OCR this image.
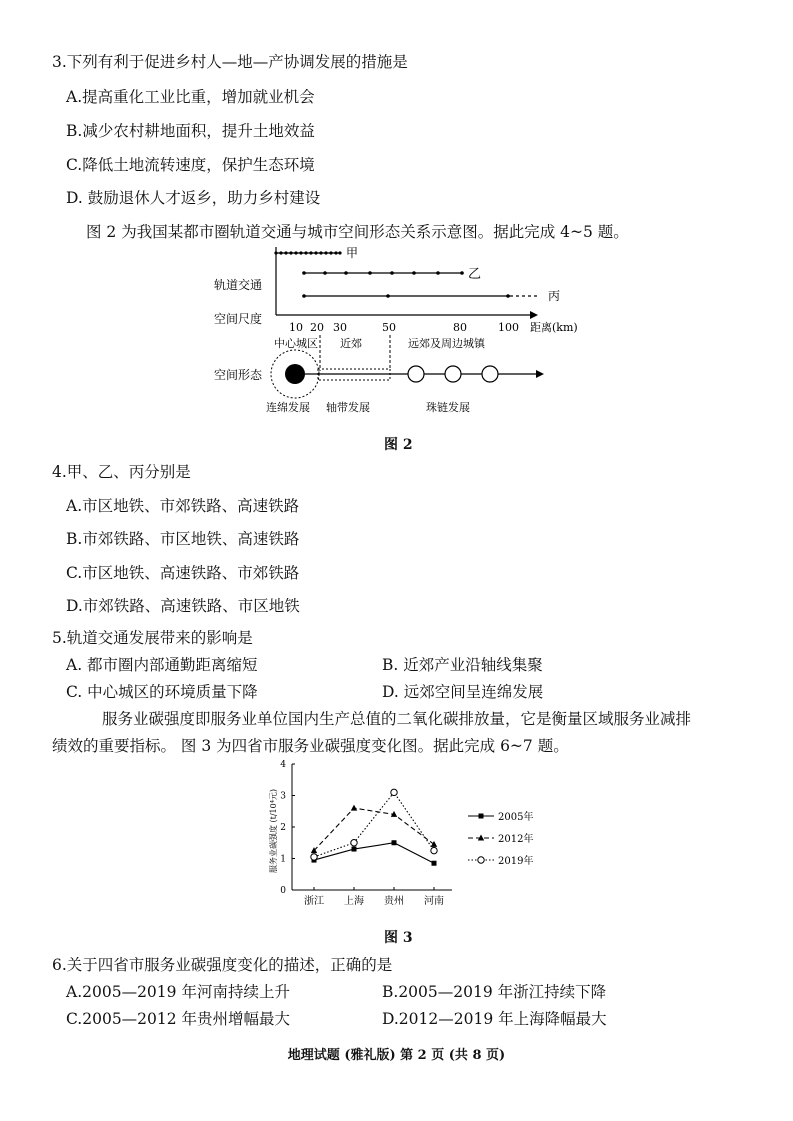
3.下列有利于促进乡村人—地—产协调发展的措施是
A.提高重化工业比重，增加就业机会
B.减少农村耕地面积，提升土地效益
C.降低土地流转速度，保护生态环境
D. 鼓励退休人才返乡，助力乡村建设
图 2 为我国某都市圈轨道交通与城市空间形态关系示意图。据此完成 4~5 题。
甲
乙
丙
轨道交通
空间尺度
空间形态
10 20 30	50	80	100 距离(km)
中心城区 近郊	远郊及周边城镇
连绵发展 轴带发展	珠链发展
图 2
4.甲、乙、丙分别是
A.市区地铁、市郊铁路、高速铁路
B.市郊铁路、市区地铁、高速铁路
C.市区地铁、高速铁路、市郊铁路
D.市郊铁路、高速铁路、市区地铁
5.轨道交通发展带来的影响是
A. 都市圈内部通勤距离缩短	B. 近郊产业沿轴线集聚
C. 中心城区的环境质量下降	D. 远郊空间呈连绵发展
服务业碳强度即服务业单位国内生产总值的二氧化碳排放量，它是衡量区域服务业减排
绩效的重要指标。 图 3 为四省市服务业碳强度变化图。据此完成 6~7 题。
服务业碳强度 (t/10⁴元)
0
1
2
3
4
浙江 上海 贵州 河南
2005年
2012年
2019年
图 3
6.关于四省市服务业碳强度变化的描述，正确的是
A.2005—2019 年河南持续上升	B.2005—2019 年浙江持续下降
C.2005—2012 年贵州增幅最大	D.2012—2019 年上海降幅最大
地理试题 (雅礼版) 第 2 页 (共 8 页)
